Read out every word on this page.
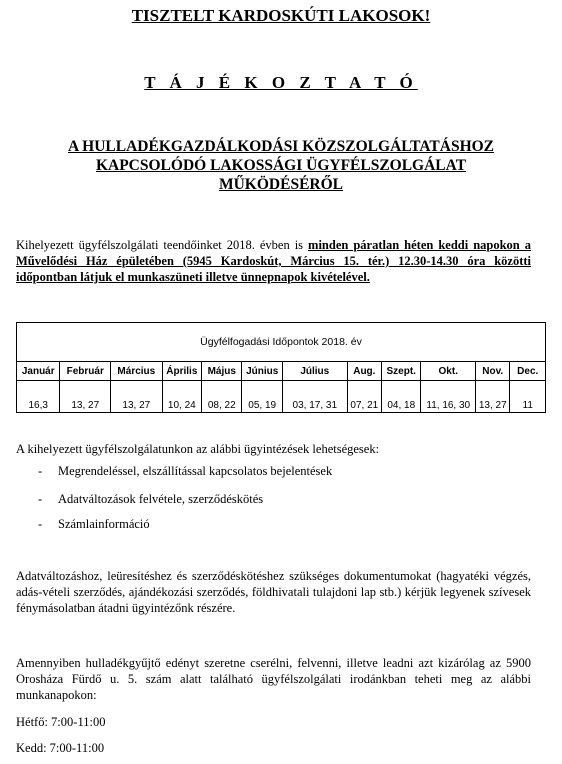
TISZTELT KARDOSKÚTI LAKOSOK!
T Á J É K O Z T A T Ó
A HULLADÉKGAZDÁLKODÁSI KÖZSZOLGÁLTATÁSHOZ
KAPCSOLÓDÓ LAKOSSÁGI ÜGYFÉLSZOLGÁLAT
MŰKÖDÉSÉRŐL

Kihelyezett ügyfélszolgálati teendőinket 2018. évben is minden páratlan héten keddi napokon a Művelődési Ház épületében (5945 Kardoskút, Március 15. tér.) 12.30-14.30 óra közötti időpontban látjuk el munkaszüneti illetve ünnepnapok kivételével.

Ügyfélfogadási Időpontok 2018. év											
Január	Február	Március	Április	Május	Június	Július	Aug.	Szept.	Okt.	Nov.	Dec.
16,3	13, 27	13, 27	10, 24	08, 22	05, 19	03, 17, 31	07, 21	04, 18	11, 16, 30	13, 27	11

A kihelyezett ügyfélszolgálatunkon az alábbi ügyintézések lehetségesek:

- Megrendeléssel, elszállítással kapcsolatos bejelentések
- Adatváltozások felvétele, szerződéskötés
- Számlainformáció

Adatváltozáshoz, leüresítéshez és szerződéskötéshez szükséges dokumentumokat (hagyatéki végzés, adás-vételi szerződés, ajándékozási szerződés, földhivatali tulajdoni lap stb.) kérjük legyenek szívesek fénymásolatban átadni ügyintézőnk részére.

Amennyiben hulladékgyűjtő edényt szeretne cserélni, felvenni, illetve leadni azt kizárólag az 5900 Orosháza Fürdő u. 5. szám alatt található ügyfélszolgálati irodánkban teheti meg az alábbi munkanapokon:

Hétfő: 7:00-11:00

Kedd: 7:00-11:00
